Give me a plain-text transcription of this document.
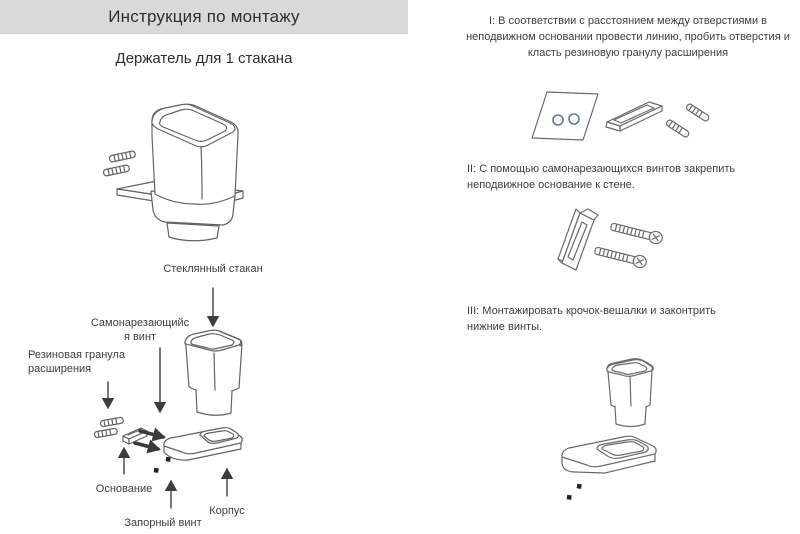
Инструкция по монтажу
Держатель для 1 стакана
Стеклянный стакан
Самонарезающийся винт
Резиновая гранула расширения
Основание
Запорный винт
Корпус
I: В соответствии с расстоянием между отверстиями в неподвижном основании провести линию, пробить отверстия и класть резиновую гранулу расширения
II: С помощью самонарезающихся винтов закрепить неподвижное основание к стене.
III: Монтажировать крочок-вешалки и законтрить нижние винты.
